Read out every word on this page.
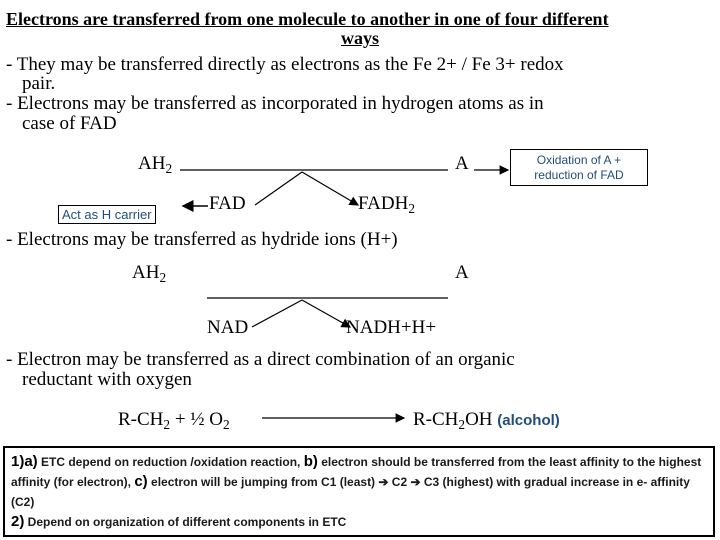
Electrons are transferred from one molecule to another in one of four different
ways
- They may be transferred directly as electrons as the Fe 2+ / Fe 3+ redox
pair.
- Electrons may be transferred as incorporated in hydrogen atoms as in
case of FAD
$AH_2$	A	Oxidation of A + reduction of FAD
Act as H carrier
FAD	$FADH_2$
- Electrons may be transferred as hydride ions (H+)
$AH_2$	A
NAD	NADH+H+
- Electron may be transferred as a direct combination of an organic
reductant with oxygen
$R-CH_2$ + ½ $O_2$	$R-CH_2OH$ (alcohol)
1)a) ETC depend on reduction /oxidation reaction, b) electron should be transferred from the least affinity to the highest affinity (for electron), c) electron will be jumping from C1 (least) ➔ C2 ➔ C3 (highest) with gradual increase in e- affinity (C2)
2) Depend on organization of different components in ETC
